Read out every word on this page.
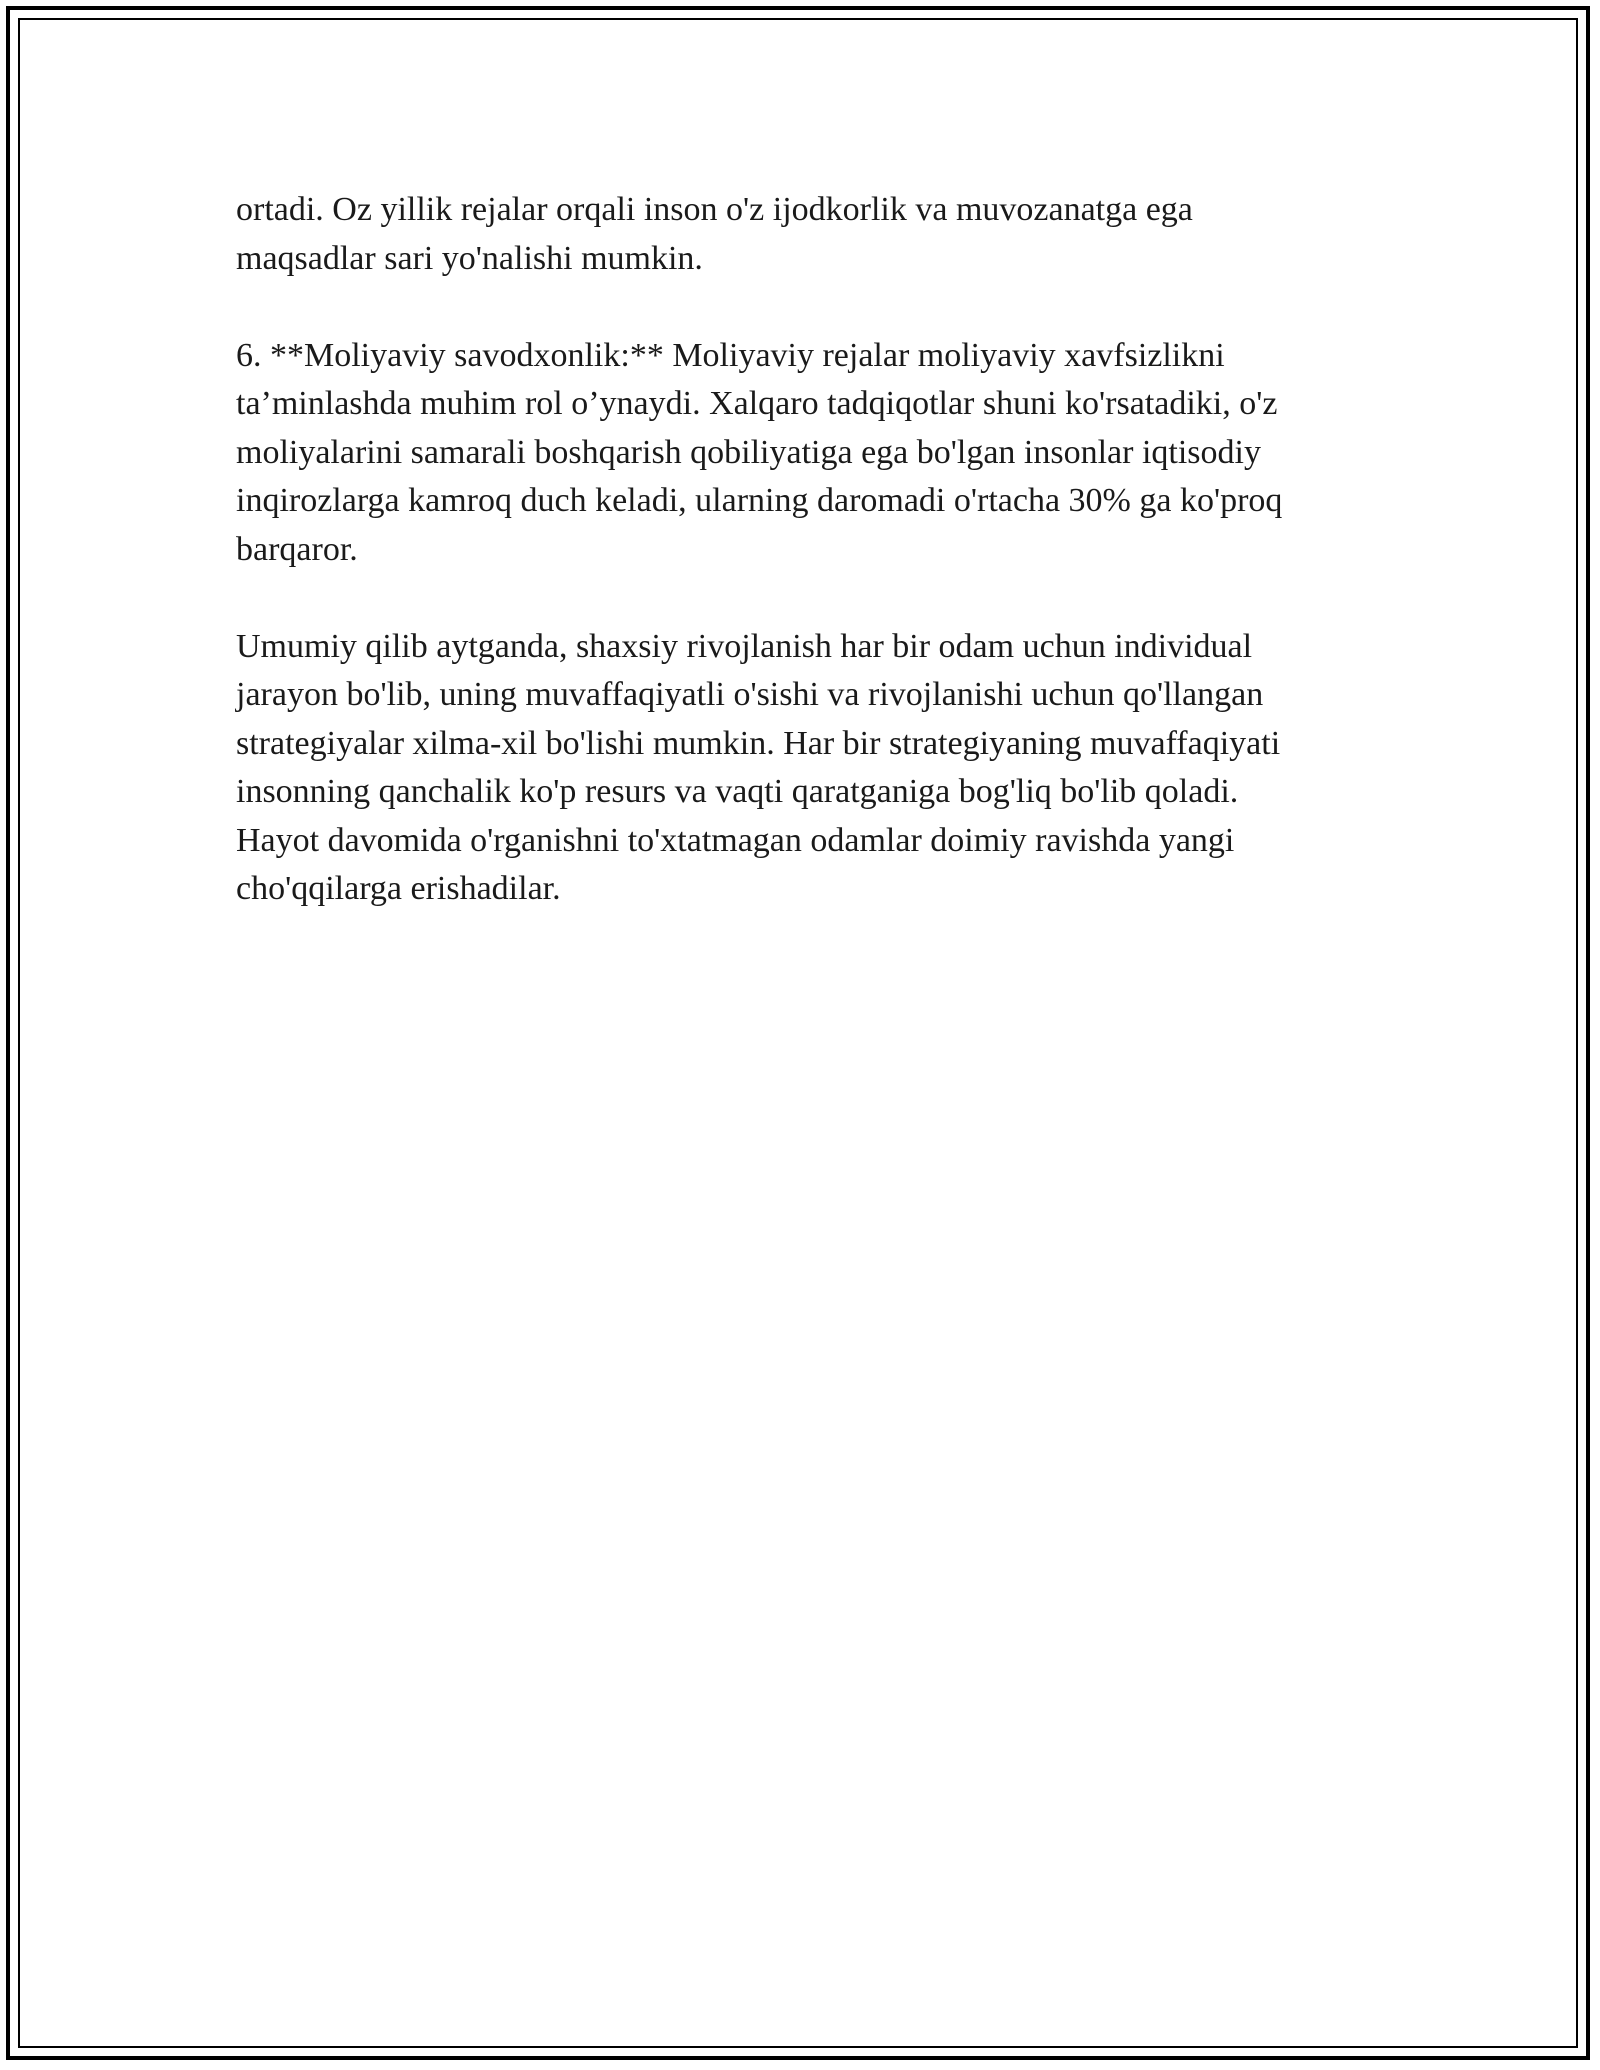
ortadi. Oz yillik rejalar orqali inson o'z ijodkorlik va muvozanatga ega
maqsadlar sari yo'nalishi mumkin.

6. **Moliyaviy savodxonlik:** Moliyaviy rejalar moliyaviy xavfsizlikni
ta’minlashda muhim rol o’ynaydi. Xalqaro tadqiqotlar shuni ko'rsatadiki, o'z
moliyalarini samarali boshqarish qobiliyatiga ega bo'lgan insonlar iqtisodiy
inqirozlarga kamroq duch keladi, ularning daromadi o'rtacha 30% ga ko'proq
barqaror.

Umumiy qilib aytganda, shaxsiy rivojlanish har bir odam uchun individual
jarayon bo'lib, uning muvaffaqiyatli o'sishi va rivojlanishi uchun qo'llangan
strategiyalar xilma-xil bo'lishi mumkin. Har bir strategiyaning muvaffaqiyati
insonning qanchalik ko'p resurs va vaqti qaratganiga bog'liq bo'lib qoladi.
Hayot davomida o'rganishni to'xtatmagan odamlar doimiy ravishda yangi
cho'qqilarga erishadilar.
